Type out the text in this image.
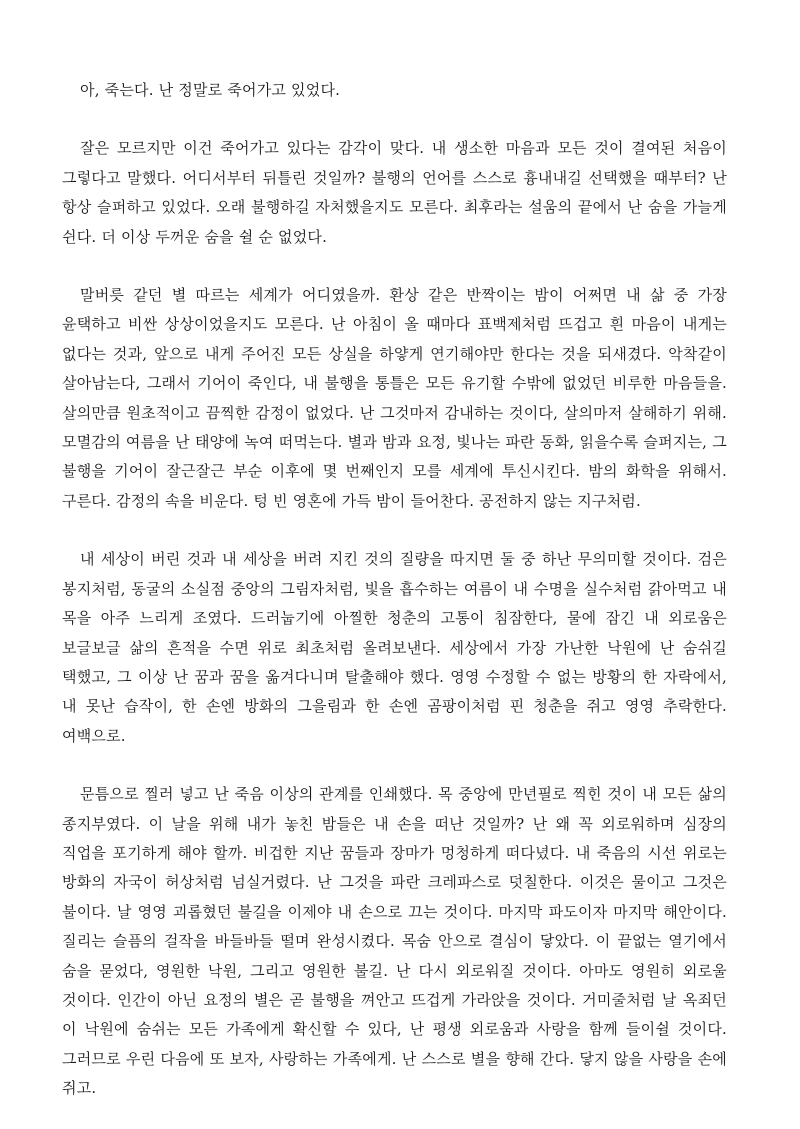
아, 죽는다. 난 정말로 죽어가고 있었다.

잘은 모르지만 이건 죽어가고 있다는 감각이 맞다. 내 생소한 마음과 모든 것이 결여된 처음이 그렇다고 말했다. 어디서부터 뒤틀린 것일까? 불행의 언어를 스스로 흉내내길 선택했을 때부터? 난 항상 슬퍼하고 있었다. 오래 불행하길 자처했을지도 모른다. 최후라는 설움의 끝에서 난 숨을 가늘게 쉰다. 더 이상 두꺼운 숨을 쉴 순 없었다.

말버릇 같던 별 따르는 세계가 어디였을까. 환상 같은 반짝이는 밤이 어쩌면 내 삶 중 가장 윤택하고 비싼 상상이었을지도 모른다. 난 아침이 올 때마다 표백제처럼 뜨겁고 흰 마음이 내게는 없다는 것과, 앞으로 내게 주어진 모든 상실을 하얗게 연기해야만 한다는 것을 되새겼다. 악착같이 살아남는다, 그래서 기어이 죽인다, 내 불행을 통틀은 모든 유기할 수밖에 없었던 비루한 마음들을. 살의만큼 원초적이고 끔찍한 감정이 없었다. 난 그것마저 감내하는 것이다, 살의마저 살해하기 위해. 모멸감의 여름을 난 태양에 녹여 떠먹는다. 별과 밤과 요정, 빛나는 파란 동화, 읽을수록 슬퍼지는, 그 불행을 기어이 잘근잘근 부순 이후에 몇 번째인지 모를 세계에 투신시킨다. 밤의 화학을 위해서. 구른다. 감정의 속을 비운다. 텅 빈 영혼에 가득 밤이 들어찬다. 공전하지 않는 지구처럼.

내 세상이 버린 것과 내 세상을 버려 지킨 것의 질량을 따지면 둘 중 하난 무의미할 것이다. 검은 봉지처럼, 동굴의 소실점 중앙의 그림자처럼, 빛을 흡수하는 여름이 내 수명을 실수처럼 갉아먹고 내 목을 아주 느리게 조였다. 드러눕기에 아찔한 청춘의 고통이 침잠한다, 물에 잠긴 내 외로움은 보글보글 삶의 흔적을 수면 위로 최초처럼 올려보낸다. 세상에서 가장 가난한 낙원에 난 숨쉬길 택했고, 그 이상 난 꿈과 꿈을 옮겨다니며 탈출해야 했다. 영영 수정할 수 없는 방황의 한 자락에서, 내 못난 습작이, 한 손엔 방화의 그을림과 한 손엔 곰팡이처럼 핀 청춘을 쥐고 영영 추락한다. 여백으로.

문틈으로 찔러 넣고 난 죽음 이상의 관계를 인쇄했다. 목 중앙에 만년필로 찍힌 것이 내 모든 삶의 종지부였다. 이 날을 위해 내가 놓친 밤들은 내 손을 떠난 것일까? 난 왜 꼭 외로워하며 심장의 직업을 포기하게 해야 할까. 비겁한 지난 꿈들과 장마가 멍청하게 떠다녔다. 내 죽음의 시선 위로는 방화의 자국이 허상처럼 넘실거렸다. 난 그것을 파란 크레파스로 덧칠한다. 이것은 물이고 그것은 불이다. 날 영영 괴롭혔던 불길을 이제야 내 손으로 끄는 것이다. 마지막 파도이자 마지막 해안이다. 질리는 슬픔의 걸작을 바들바들 떨며 완성시켰다. 목숨 안으로 결심이 닿았다. 이 끝없는 열기에서 숨을 묻었다, 영원한 낙원, 그리고 영원한 불길. 난 다시 외로워질 것이다. 아마도 영원히 외로울 것이다. 인간이 아닌 요정의 별은 곧 불행을 껴안고 뜨겁게 가라앉을 것이다. 거미줄처럼 날 옥죄던 이 낙원에 숨쉬는 모든 가족에게 확신할 수 있다, 난 평생 외로움과 사랑을 함께 들이쉴 것이다. 그러므로 우린 다음에 또 보자, 사랑하는 가족에게. 난 스스로 별을 향해 간다. 닿지 않을 사랑을 손에 쥐고.
